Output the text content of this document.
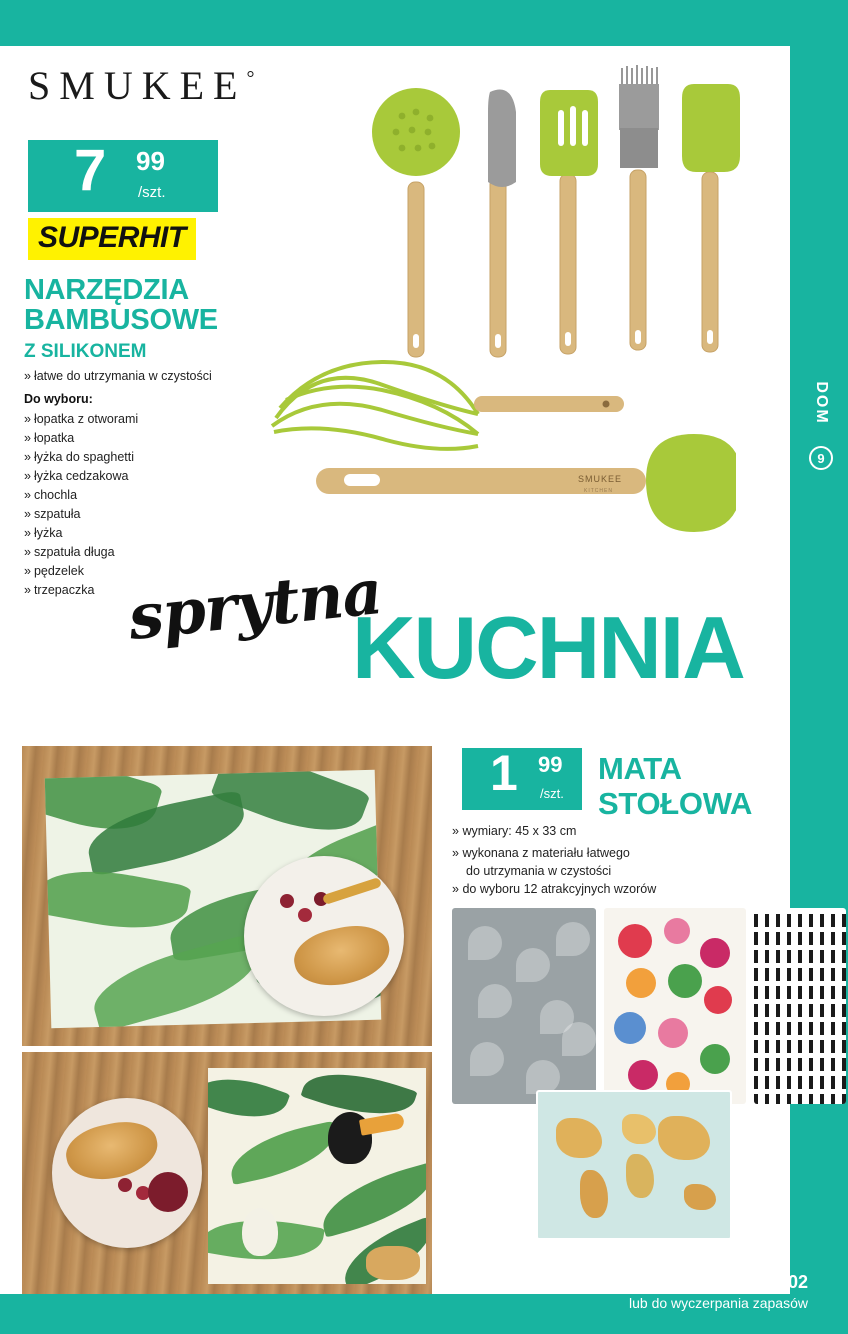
SMUKEE°
7 99
/szt.
SUPERHIT
NARZĘDZIA
BAMBUSOWE
Z SILIKONEM
» łatwe do utrzymania w czystości
Do wyboru:
» łopatka z otworami
» łopatka
» łyżka do spaghetti
» łyżka cedzakowa
» chochla
» szpatuła
» łyżka
» szpatuła długa
» pędzelek
» trzepaczka
SMUKEE
KITCHEN
sprytna
KUCHNIA
DOM
9
1 99
/szt.
MATA
STOŁOWA
» wymiary: 45 x 33 cm
» wykonana z materiału łatwego
do utrzymania w czystości
» do wyboru 12 atrakcyjnych wzorów
oferta od PONIEDZIAŁKU 20.01 do 1.02
lub do wyczerpania zapasów
